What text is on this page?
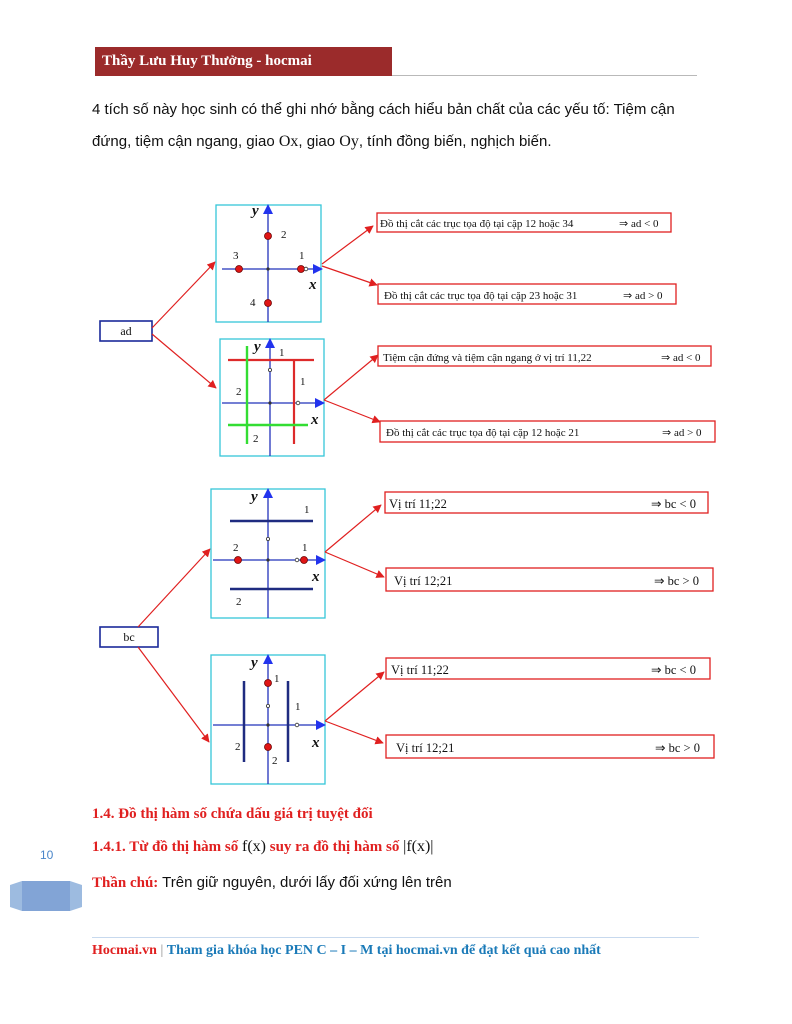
Thầy Lưu Huy Thưởng - hocmai
4 tích số này học sinh có thể ghi nhớ bằng cách hiểu bản chất của các yếu tố: Tiệm cận
đứng, tiệm cận ngang, giao Ox, giao Oy, tính đồng biến, nghịch biến.
ad
y
x
2
3	1
4
y
x
1
1
2
2
Đồ thị cắt các trục tọa độ tại cặp 12 hoặc 34	⇒ ad < 0
Đồ thị cắt các trục tọa độ tại cặp 23 hoặc 31	⇒ ad > 0
Tiệm cận đứng và tiệm cận ngang ở vị trí 11,22	⇒ ad < 0
Đồ thị cắt các trục tọa độ tại cặp 12 hoặc 21	⇒ ad > 0
bc
y
x
1
1
2
2
y
x
1
1
2
2
Vị trí 11;22	⇒ bc < 0
Vị trí 12;21	⇒ bc > 0
Vị trí 11;22	⇒ bc < 0
Vị trí 12;21	⇒ bc > 0
1.4. Đồ thị hàm số chứa dấu giá trị tuyệt đối
1.4.1. Từ đồ thị hàm số f(x) suy ra đồ thị hàm số |f(x)|
Thần chú: Trên giữ nguyên, dưới lấy đối xứng lên trên
10
Hocmai.vn | Tham gia khóa học PEN C – I – M tại hocmai.vn để đạt kết quả cao nhất
